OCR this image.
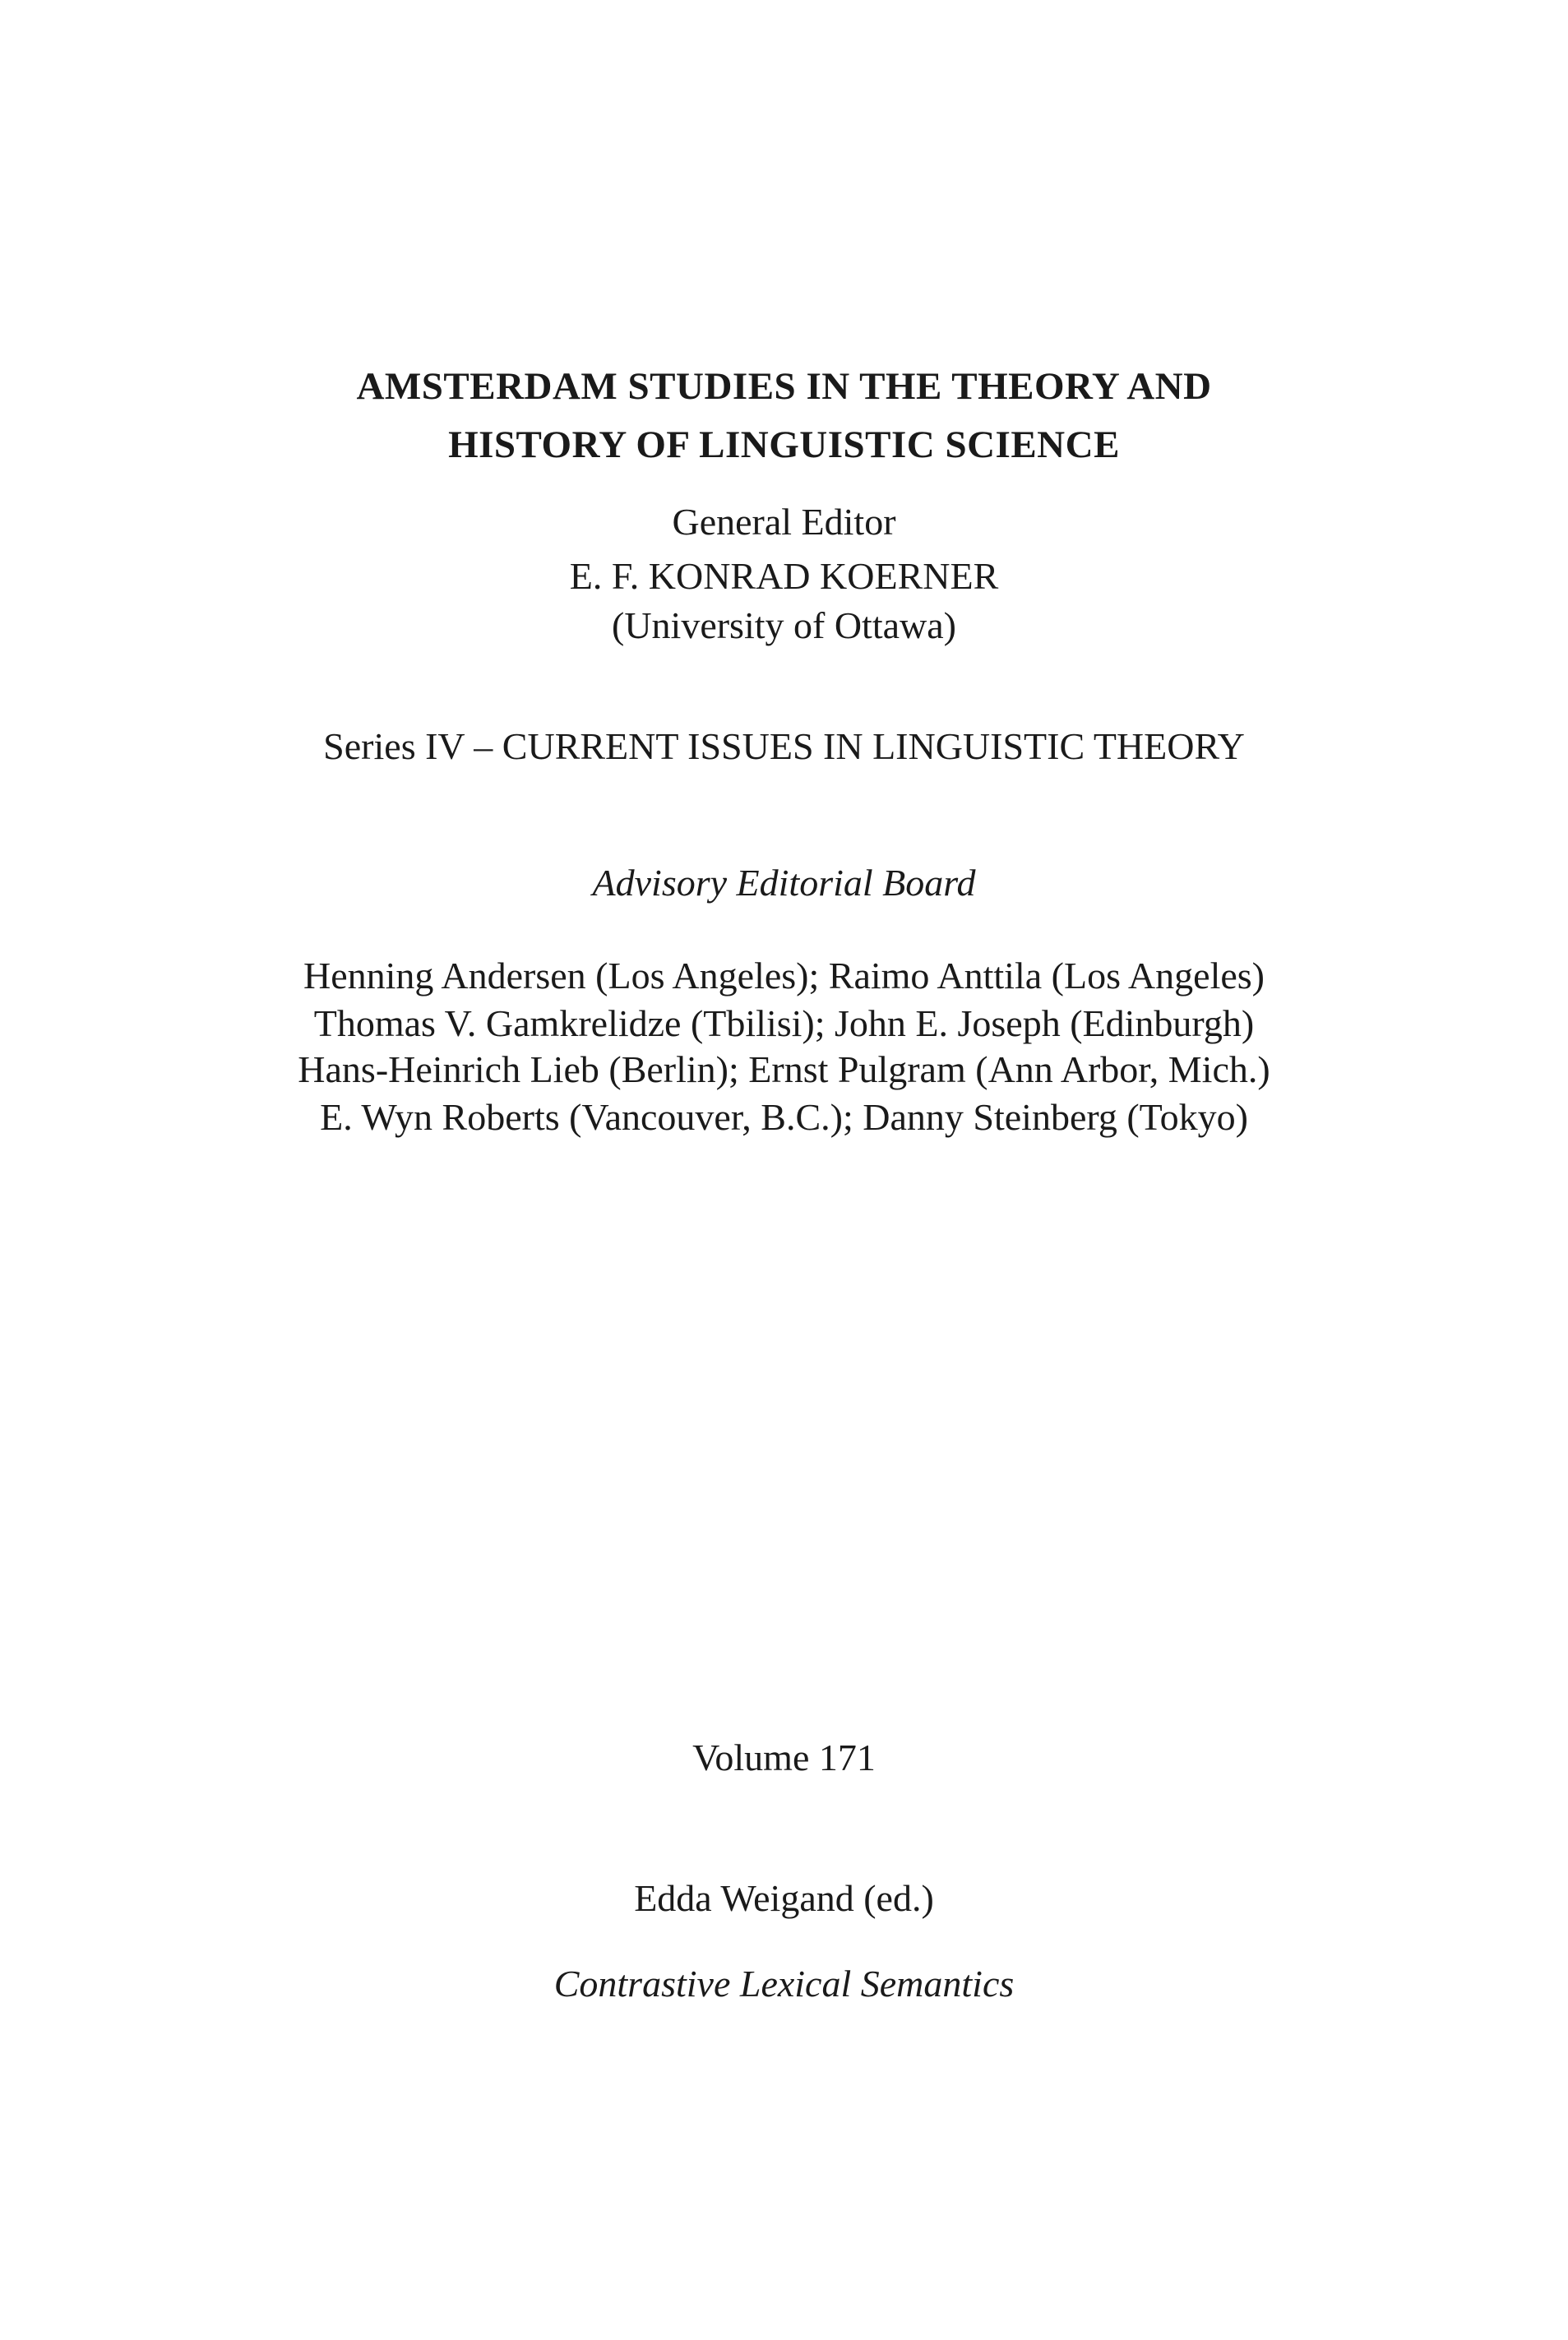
AMSTERDAM STUDIES IN THE THEORY AND
HISTORY OF LINGUISTIC SCIENCE
General Editor
E. F. KONRAD KOERNER
(University of Ottawa)
Series IV – CURRENT ISSUES IN LINGUISTIC THEORY
Advisory Editorial Board
Henning Andersen (Los Angeles); Raimo Anttila (Los Angeles)
Thomas V. Gamkrelidze (Tbilisi); John E. Joseph (Edinburgh)
Hans-Heinrich Lieb (Berlin); Ernst Pulgram (Ann Arbor, Mich.)
E. Wyn Roberts (Vancouver, B.C.); Danny Steinberg (Tokyo)
Volume 171
Edda Weigand (ed.)
Contrastive Lexical Semantics
